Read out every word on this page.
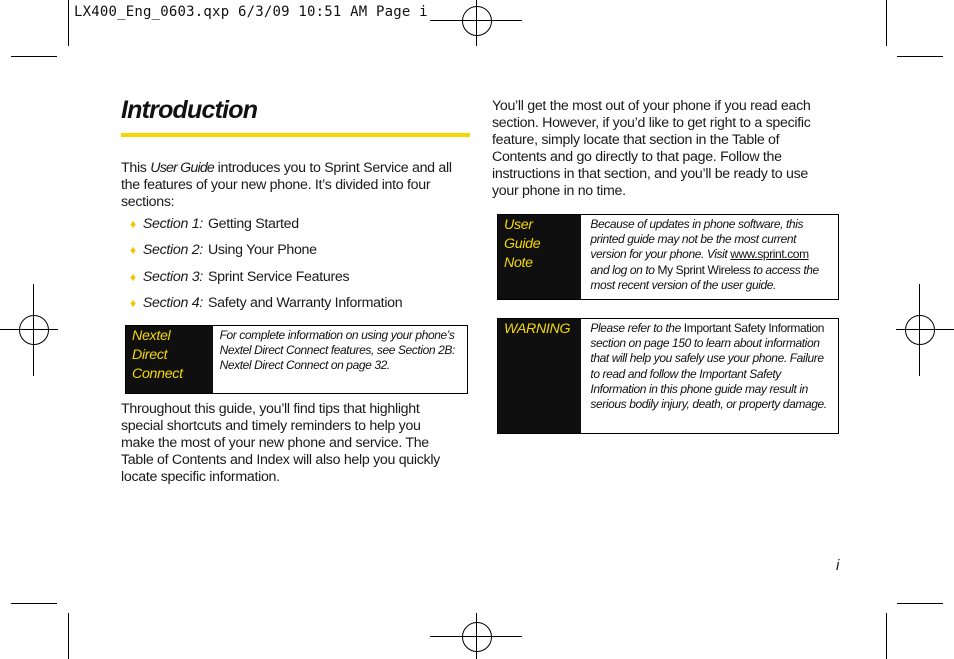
LX400_Eng_0603.qxp 6/3/09 10:51 AM Page i
Introduction
This User Guide introduces you to Sprint Service and all the features of your new phone. It’s divided into four sections:
♦ Section 1: Getting Started
♦ Section 2: Using Your Phone
♦ Section 3: Sprint Service Features
♦ Section 4: Safety and Warranty Information
Nextel
Direct
Connect
For complete information on using your phone’s Nextel Direct Connect features, see Section 2B: Nextel Direct Connect on page 32.
Throughout this guide, you’ll find tips that highlight special shortcuts and timely reminders to help you make the most of your new phone and service. The Table of Contents and Index will also help you quickly locate specific information.
You’ll get the most out of your phone if you read each section. However, if you’d like to get right to a specific feature, simply locate that section in the Table of Contents and go directly to that page. Follow the instructions in that section, and you’ll be ready to use your phone in no time.
User
Guide
Note
Because of updates in phone software, this printed guide may not be the most current version for your phone. Visit www.sprint.com and log on to My Sprint Wireless to access the most recent version of the user guide.
WARNING	Please refer to the Important Safety Information section on page 150 to learn about information that will help you safely use your phone. Failure to read and follow the Important Safety Information in this phone guide may result in serious bodily injury, death, or property damage.
i
